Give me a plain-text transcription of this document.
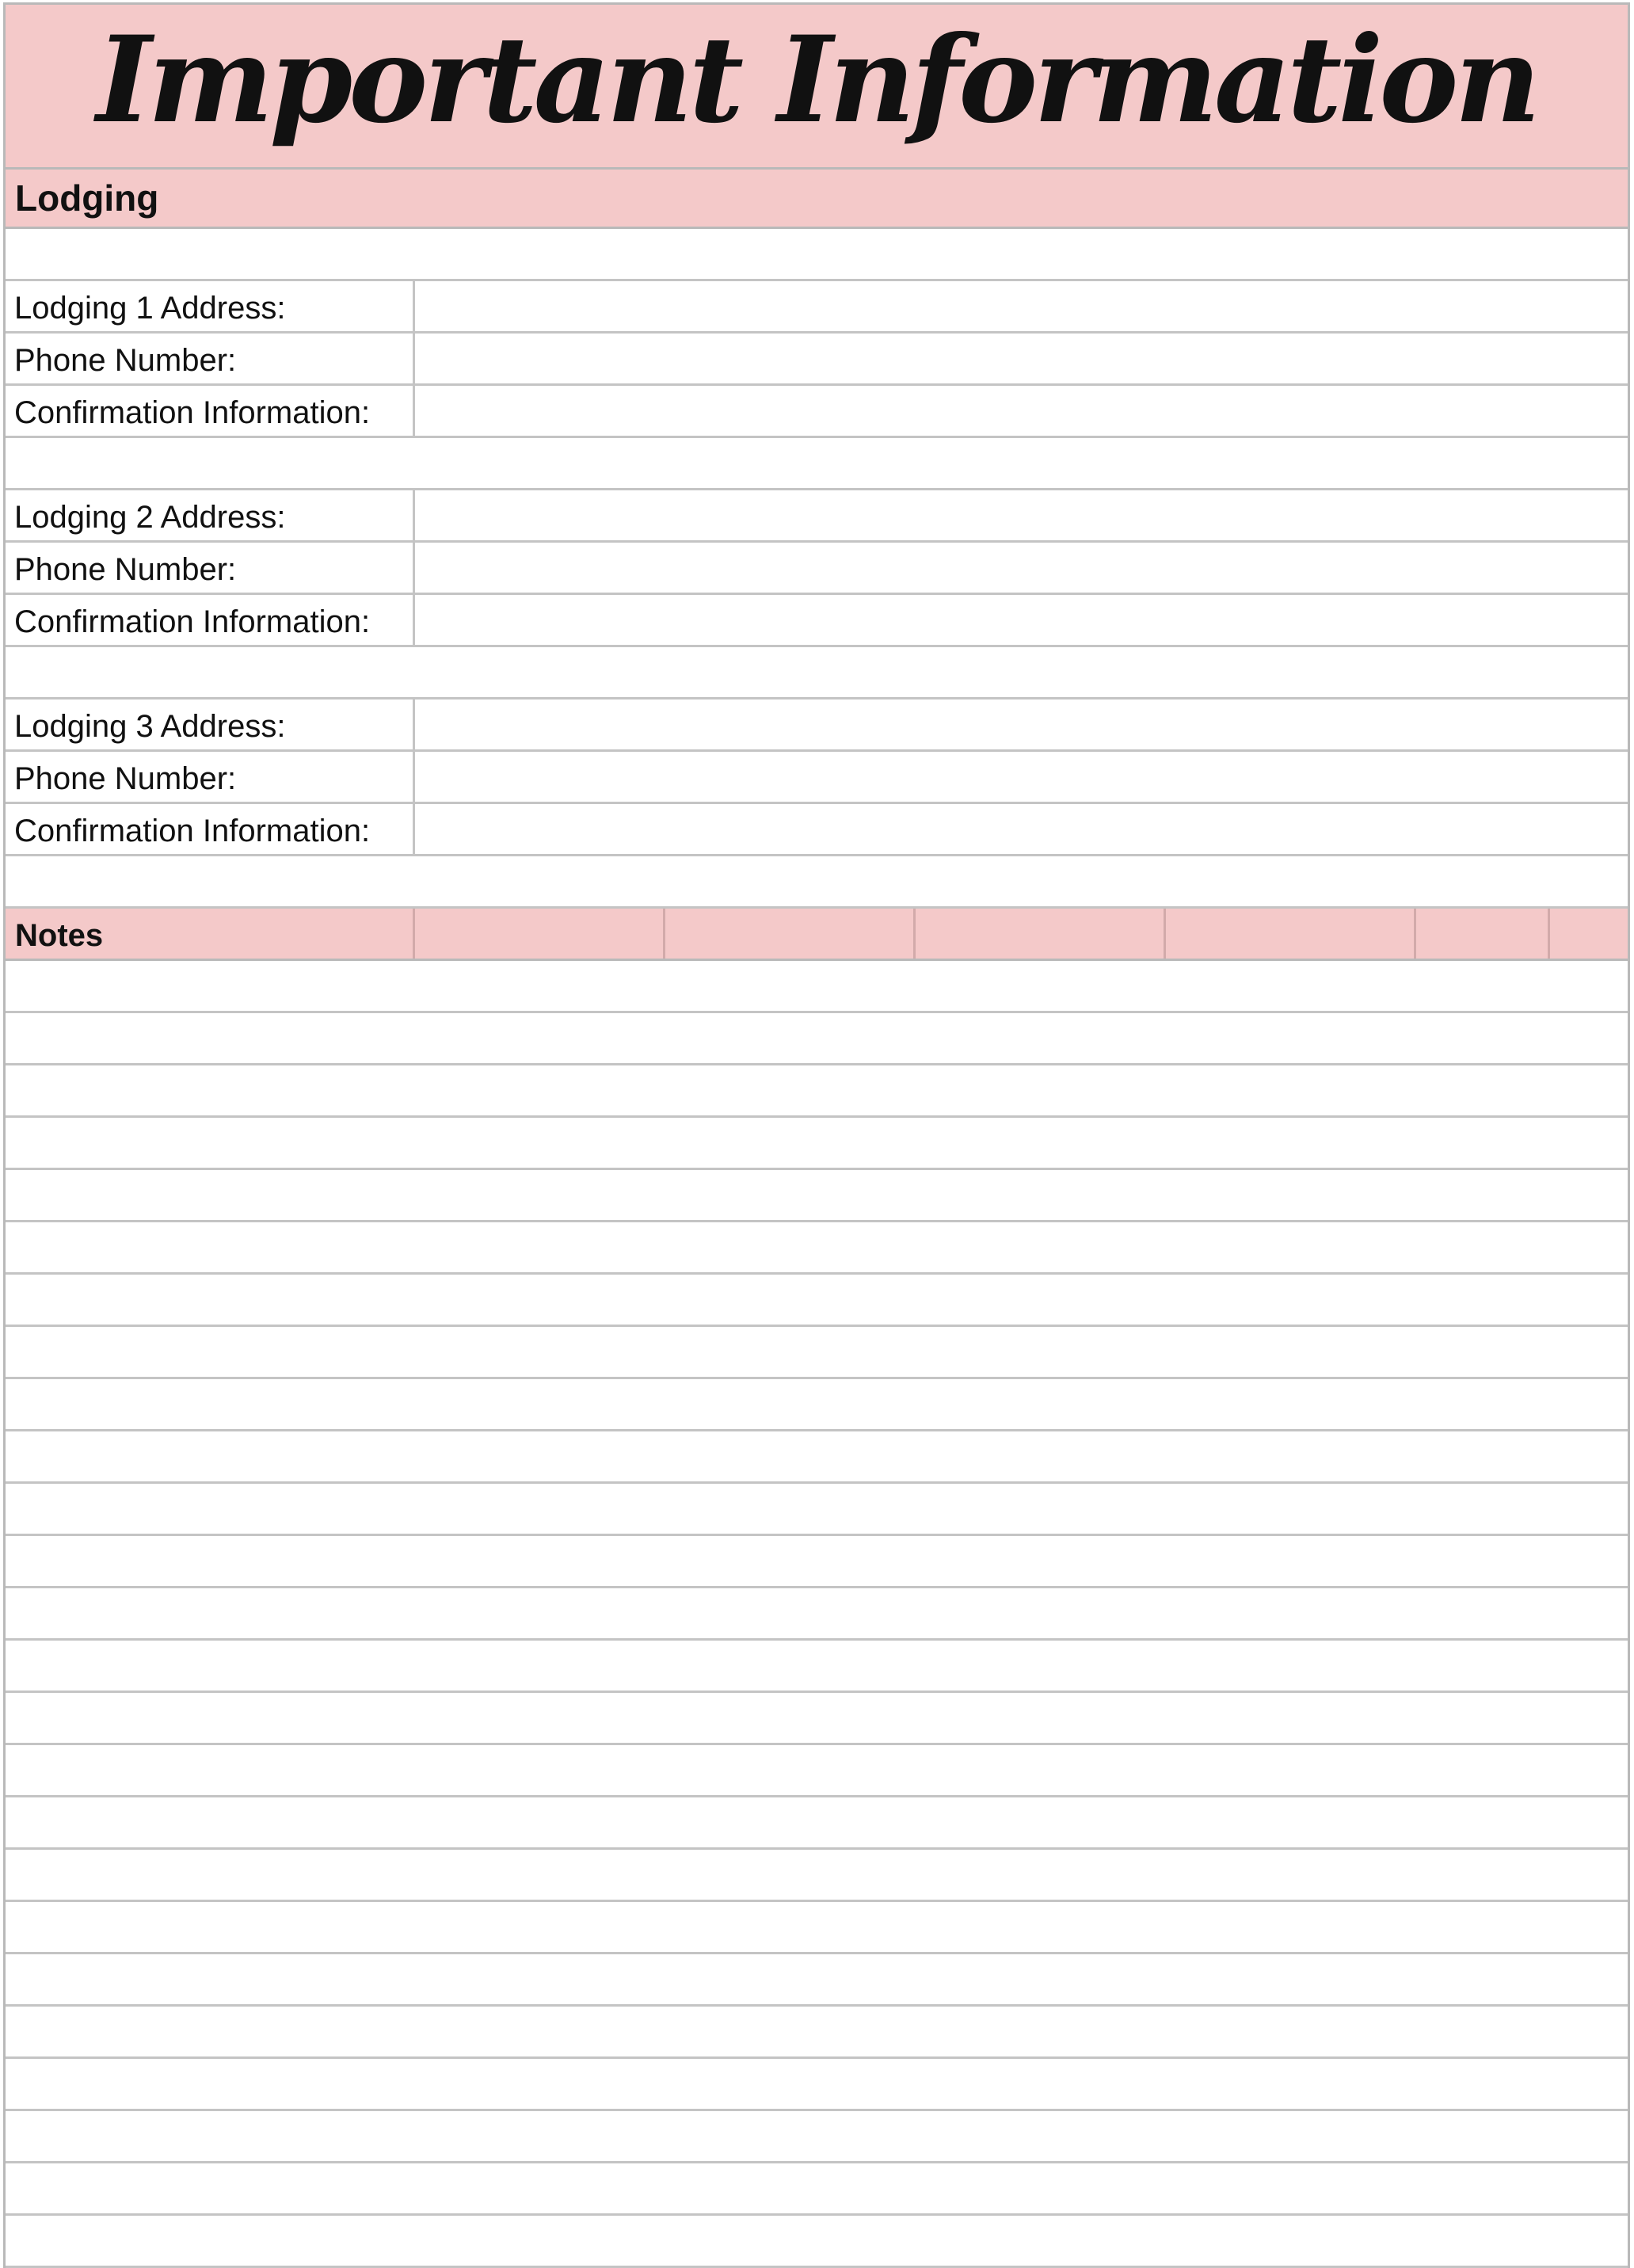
Important Information
Lodging
Lodging 1 Address:
Phone Number:
Confirmation Information:
Lodging 2 Address:
Phone Number:
Confirmation Information:
Lodging 3 Address:
Phone Number:
Confirmation Information:
Notes
